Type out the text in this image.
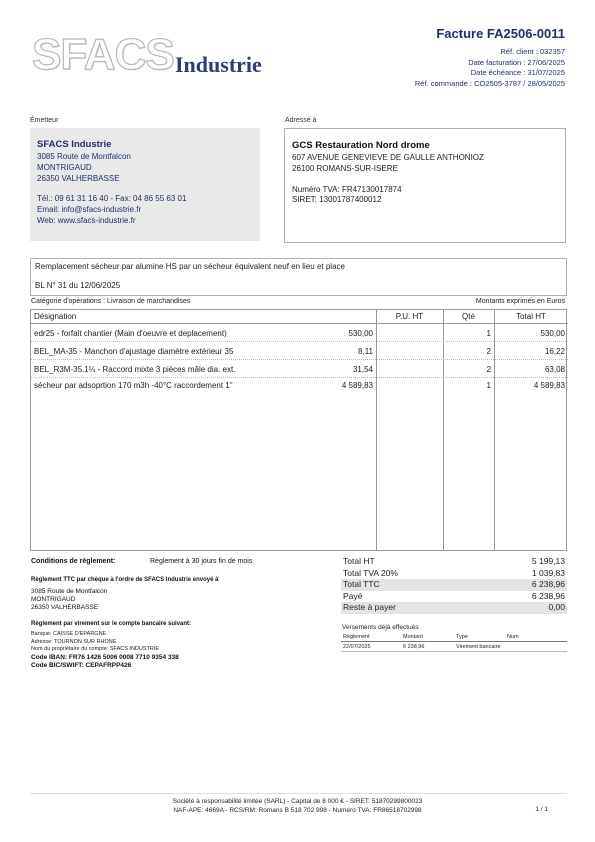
SFACS Industrie
Facture FA2506-0011
Réf. client : 032357
Date facturation : 27/06/2025
Date échéance : 31/07/2025
Réf. commande : CO2505-3787 / 28/05/2025
Émetteur	Adressé à
SFACS Industrie
3085 Route de Montfalcon
MONTRIGAUD
26350 VALHERBASSE
Tél.: 09 61 31 16 40 - Fax: 04 86 55 63 01
Email: info@sfacs-industrie.fr
Web: www.sfacs-industrie.fr
GCS Restauration Nord drome
607 AVENUE GENEVIEVE DE GAULLE ANTHONIOZ
26100 ROMANS-SUR-ISERE
Numéro TVA: FR47130017874
SIRET: 13001787400012
Remplacement sécheur par alumine HS par un sécheur équivalent neuf en lieu et place
BL N° 31 du 12/06/2025
Catégorie d'opérations : Livraison de marchandises	Montants exprimés en Euros
Désignation	P.U. HT	Qté	Total HT
edr25 - forfait chantier (Main d'oeuvre et deplacement)	530,00	1	530,00
BEL_MA-35 - Manchon d'ajustage diamètre extérieur 35	8,11	2	16,22
BEL_R3M-35.1¼ - Raccord mixte 3 pièces mâle dia. ext.	31,54	2	63,08
sécheur par adsoprtion 170 m3h -40°C raccordement 1"	4 589,83	1	4 589,83
Conditions de règlement:	Règlement à 30 jours fin de mois
Règlement TTC par chèque à l'ordre de SFACS Industrie envoyé à
3085 Route de Montfalcon
MONTRIGAUD
26350 VALHERBASSE
Règlement par virement sur le compte bancaire suivant:
Banque: CAISSE D'EPARGNE
Adresse: TOURNON SUR RHONE
Nom du propriétaire du compte: SFACS INDUSTRIE
Code IBAN: FR76 1426 5006 0008 7710 9354 338
Code BIC/SWIFT: CEPAFRPP426
Total HT	5 199,13
Total TVA 20%	1 039,83
Total TTC	6 238,96
Payé	6 238,96
Reste à payer	0,00
Versements déjà effectués
Règlement	Montant	Type	Num
22/07/2025	6 238,96	Virement bancaire
Société à responsabilité limitée (SARL) - Capital de 8 000 € - SIRET: 51870299800023
NAF-APE: 4669A - RCS/RM: Romans B 518 702 998 - Numéro TVA: FR86518702998	1 / 1
